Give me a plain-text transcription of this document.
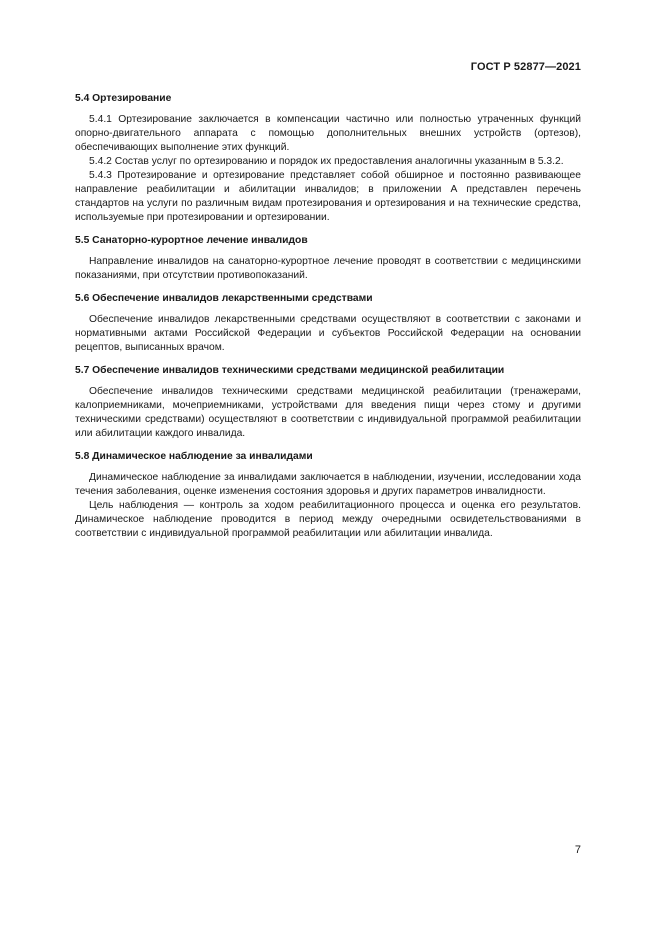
ГОСТ Р 52877—2021
5.4 Ортезирование

5.4.1 Ортезирование заключается в компенсации частично или полностью утраченных функций опорно-двигательного аппарата с помощью дополнительных внешних устройств (ортезов), обеспечивающих выполнение этих функций.

5.4.2 Состав услуг по ортезированию и порядок их предоставления аналогичны указанным в 5.3.2.

5.4.3 Протезирование и ортезирование представляет собой обширное и постоянно развивающее направление реабилитации и абилитации инвалидов; в приложении А представлен перечень стандартов на услуги по различным видам протезирования и ортезирования и на технические средства, используемые при протезировании и ортезировании.

5.5 Санаторно-курортное лечение инвалидов

Направление инвалидов на санаторно-курортное лечение проводят в соответствии с медицинскими показаниями, при отсутствии противопоказаний.

5.6 Обеспечение инвалидов лекарственными средствами

Обеспечение инвалидов лекарственными средствами осуществляют в соответствии с законами и нормативными актами Российской Федерации и субъектов Российской Федерации на основании рецептов, выписанных врачом.

5.7 Обеспечение инвалидов техническими средствами медицинской реабилитации

Обеспечение инвалидов техническими средствами медицинской реабилитации (тренажерами, калоприемниками, мочеприемниками, устройствами для введения пищи через стому и другими техническими средствами) осуществляют в соответствии с индивидуальной программой реабилитации или абилитации каждого инвалида.

5.8 Динамическое наблюдение за инвалидами

Динамическое наблюдение за инвалидами заключается в наблюдении, изучении, исследовании хода течения заболевания, оценке изменения состояния здоровья и других параметров инвалидности.

Цель наблюдения — контроль за ходом реабилитационного процесса и оценка его результатов. Динамическое наблюдение проводится в период между очередными освидетельствованиями в соответствии с индивидуальной программой реабилитации или абилитации инвалида.

7
